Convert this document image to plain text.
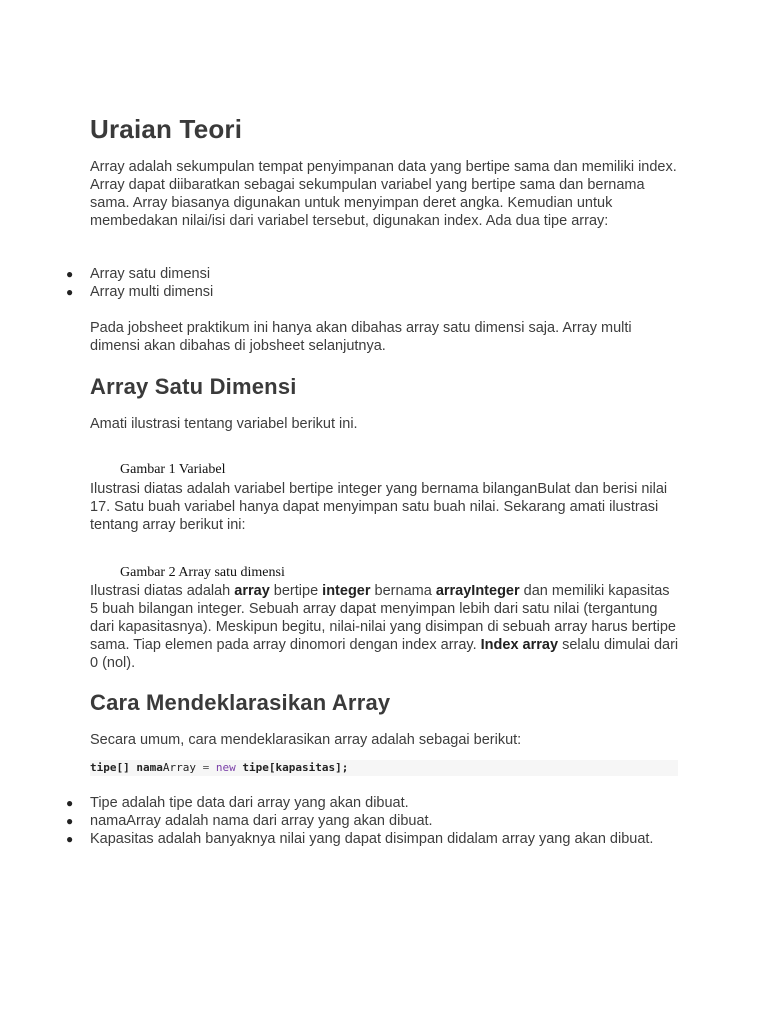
Uraian Teori

Array adalah sekumpulan tempat penyimpanan data yang bertipe sama dan memiliki index. Array dapat diibaratkan sebagai sekumpulan variabel yang bertipe sama dan bernama sama. Array biasanya digunakan untuk menyimpan deret angka. Kemudian untuk membedakan nilai/isi dari variabel tersebut, digunakan index. Ada dua tipe array:

● Array satu dimensi
● Array multi dimensi

Pada jobsheet praktikum ini hanya akan dibahas array satu dimensi saja. Array multi dimensi akan dibahas di jobsheet selanjutnya.

Array Satu Dimensi

Amati ilustrasi tentang variabel berikut ini.

Gambar 1 Variabel

Ilustrasi diatas adalah variabel bertipe integer yang bernama bilanganBulat dan berisi nilai 17. Satu buah variabel hanya dapat menyimpan satu buah nilai. Sekarang amati ilustrasi tentang array berikut ini:

Gambar 2 Array satu dimensi

Ilustrasi diatas adalah array bertipe integer bernama arrayInteger dan memiliki kapasitas 5 buah bilangan integer. Sebuah array dapat menyimpan lebih dari satu nilai (tergantung dari kapasitasnya). Meskipun begitu, nilai-nilai yang disimpan di sebuah array harus bertipe sama. Tiap elemen pada array dinomori dengan index array. Index array selalu dimulai dari 0 (nol).

Cara Mendeklarasikan Array

Secara umum, cara mendeklarasikan array adalah sebagai berikut:

tipe[] namaArray = new tipe[kapasitas];
● Tipe adalah tipe data dari array yang akan dibuat.
● namaArray adalah nama dari array yang akan dibuat.
● Kapasitas adalah banyaknya nilai yang dapat disimpan didalam array yang akan dibuat.
